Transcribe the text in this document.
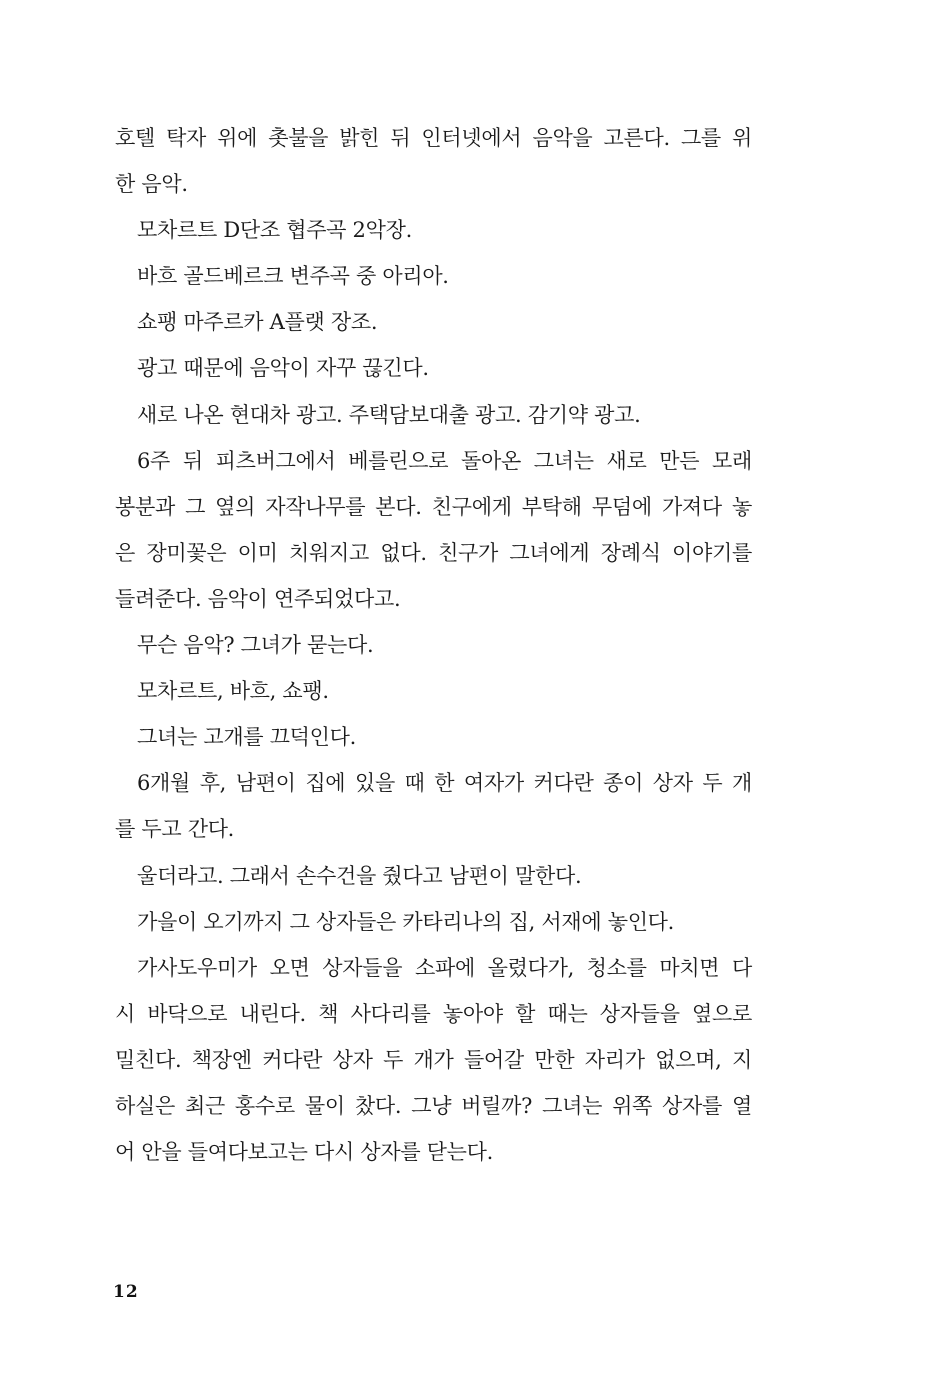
호텔 탁자 위에 촛불을 밝힌 뒤 인터넷에서 음악을 고른다. 그를 위
한 음악.
모차르트 D단조 협주곡 2악장.
바흐 골드베르크 변주곡 중 아리아.
쇼팽 마주르카 A플랫 장조.
광고 때문에 음악이 자꾸 끊긴다.
새로 나온 현대차 광고. 주택담보대출 광고. 감기약 광고.
6주 뒤 피츠버그에서 베를린으로 돌아온 그녀는 새로 만든 모래
봉분과 그 옆의 자작나무를 본다. 친구에게 부탁해 무덤에 가져다 놓
은 장미꽃은 이미 치워지고 없다. 친구가 그녀에게 장례식 이야기를
들려준다. 음악이 연주되었다고.
무슨 음악? 그녀가 묻는다.
모차르트, 바흐, 쇼팽.
그녀는 고개를 끄덕인다.
6개월 후, 남편이 집에 있을 때 한 여자가 커다란 종이 상자 두 개
를 두고 간다.
울더라고. 그래서 손수건을 줬다고 남편이 말한다.
가을이 오기까지 그 상자들은 카타리나의 집, 서재에 놓인다.
가사도우미가 오면 상자들을 소파에 올렸다가, 청소를 마치면 다
시 바닥으로 내린다. 책 사다리를 놓아야 할 때는 상자들을 옆으로
밀친다. 책장엔 커다란 상자 두 개가 들어갈 만한 자리가 없으며, 지
하실은 최근 홍수로 물이 찼다. 그냥 버릴까? 그녀는 위쪽 상자를 열
어 안을 들여다보고는 다시 상자를 닫는다.
12
